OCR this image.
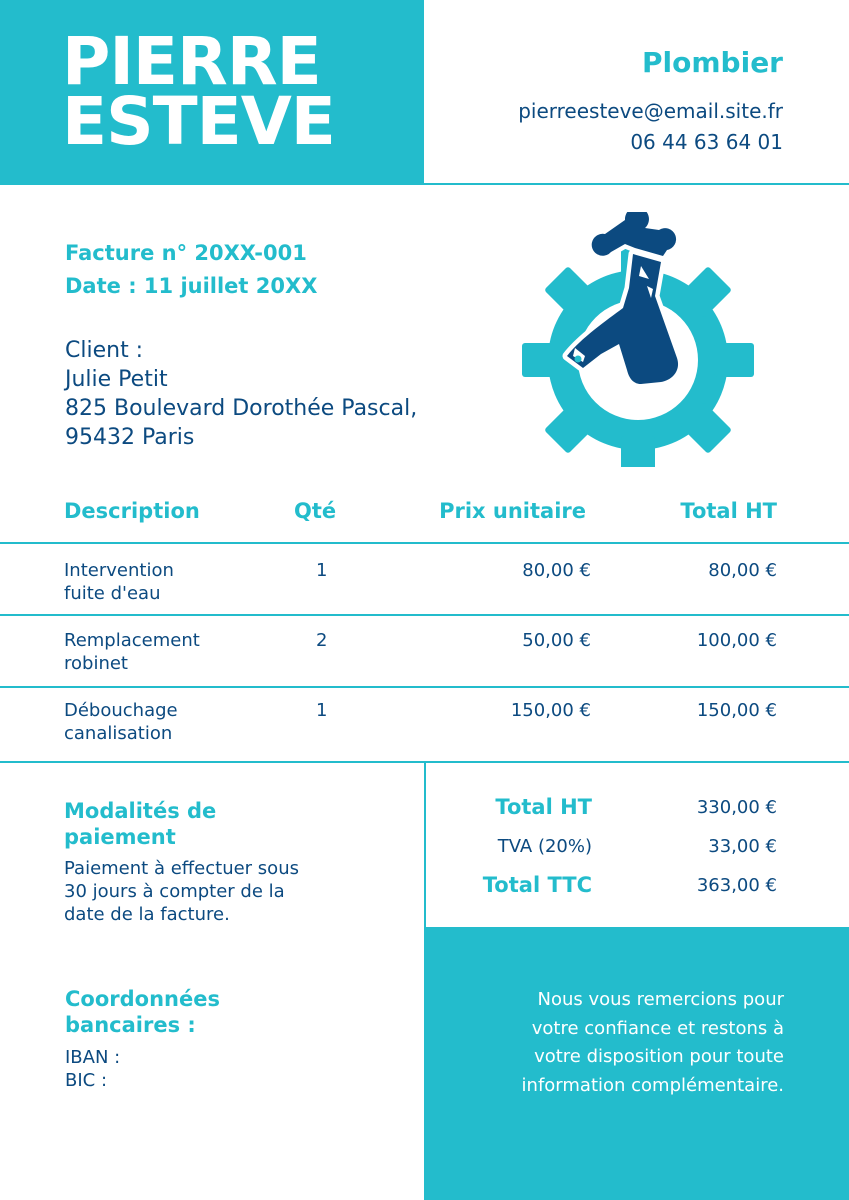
PIERRE
ESTEVE
Plombier
pierreesteve@email.site.fr
06 44 63 64 01
Facture n° 20XX-001
Date : 11 juillet 20XX
Client :
Julie Petit
825 Boulevard Dorothée Pascal,
95432 Paris
Description	Qté	Prix unitaire	Total HT
Intervention
fuite d'eau
1	80,00 €	80,00 €
Remplacement
robinet
2	50,00 €	100,00 €
Débouchage
canalisation
1	150,00 €	150,00 €
Modalités de
paiement
Paiement à effectuer sous
30 jours à compter de la
date de la facture.
Coordonnées
bancaires :
IBAN :
BIC :
Total HT	330,00 €
TVA (20%)	33,00 €
Total TTC	363,00 €
Nous vous remercions pour
votre confiance et restons à
votre disposition pour toute
information complémentaire.
